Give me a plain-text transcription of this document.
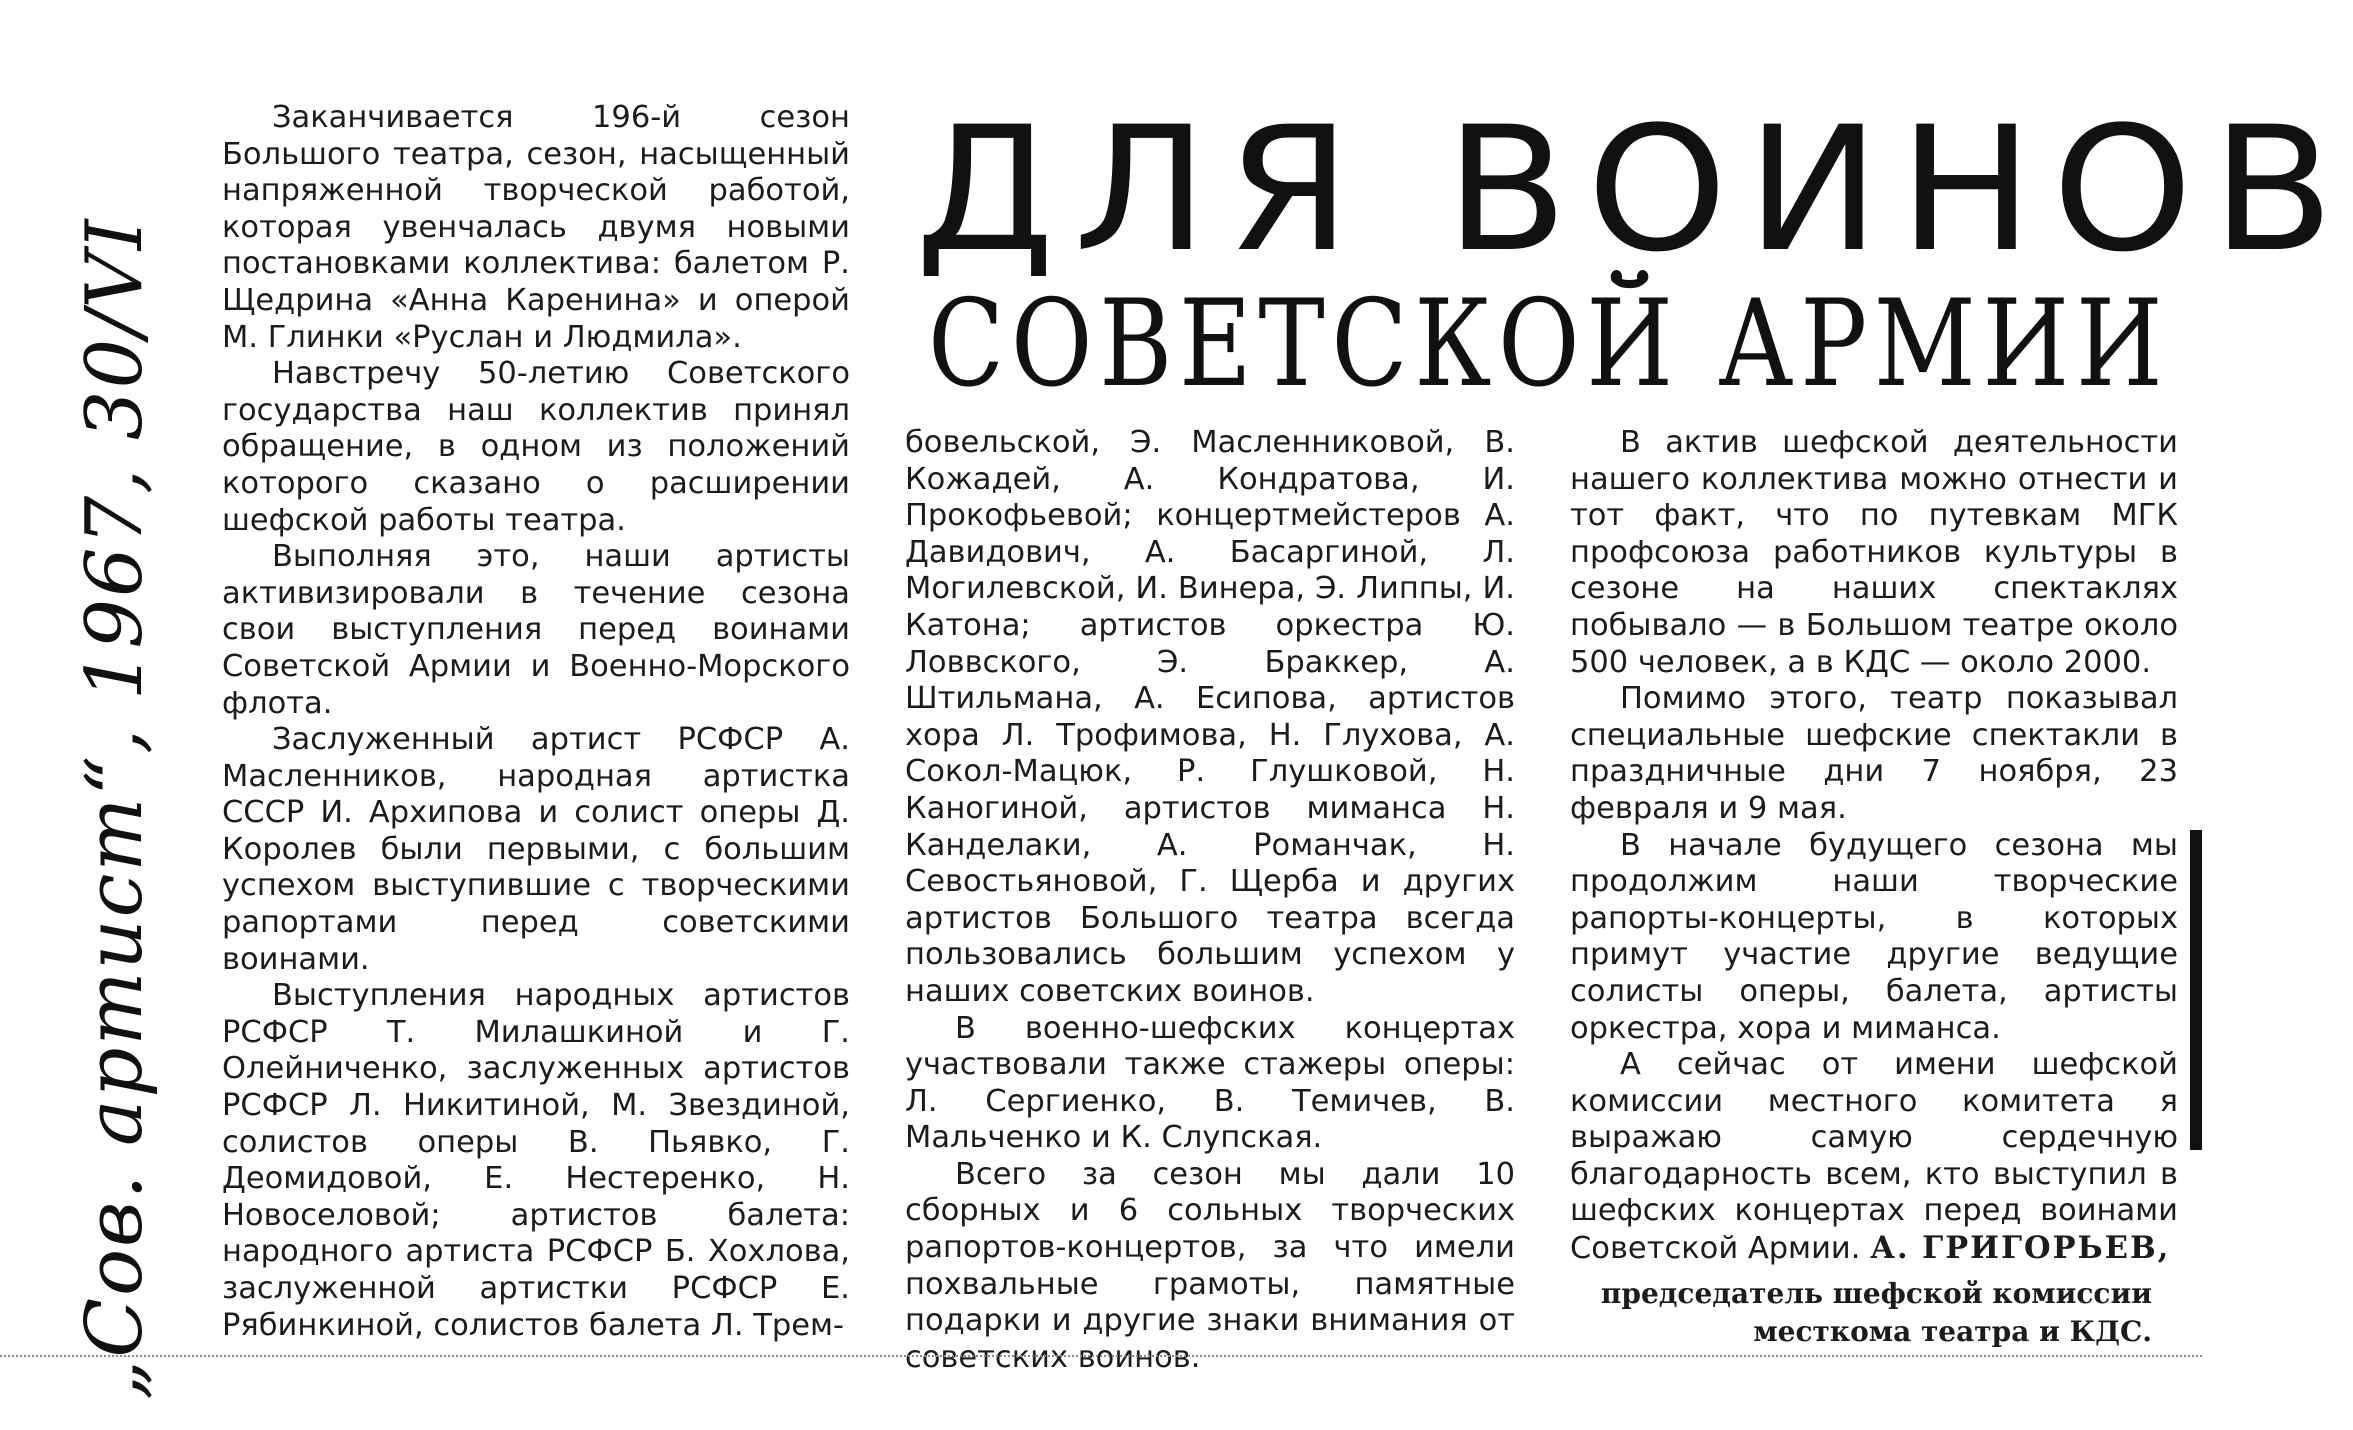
„Сов. артист“, 1967, 30/VI
ДЛЯ ВОИНОВ
СОВЕТСКОЙ АРМИИ

Заканчивается 196-й сезон Большого театра, сезон, насыщенный напряженной творческой работой, которая увенчалась двумя новыми постановками коллектива: балетом Р. Щедрина «Анна Каренина» и оперой М. Глинки «Руслан и Людмила».

Навстречу 50-летию Советского государства наш коллектив принял обращение, в одном из положений которого сказано о расширении шефской работы театра.

Выполняя это, наши артисты активизировали в течение сезона свои выступления перед воинами Советской Армии и Военно-Морского флота.

Заслуженный артист РСФСР А. Масленников, народная артистка СССР И. Архипова и солист оперы Д. Королев были первыми, с большим успехом выступившие с творческими рапортами перед советскими воинами.

Выступления народных артистов РСФСР Т. Милашкиной и Г. Олейниченко, заслуженных артистов РСФСР Л. Никитиной, М. Звездиной, солистов оперы В. Пьявко, Г. Деомидовой, Е. Нестеренко, Н. Новоселовой; артистов балета: народного артиста РСФСР Б. Хохлова, заслуженной артистки РСФСР Е. Рябинкиной, солистов балета Л. Трем-

бовельской, Э. Масленниковой, В. Кожадей, А. Кондратова, И. Прокофьевой; концертмейстеров А. Давидович, А. Басаргиной, Л. Могилевской, И. Винера, Э. Липпы, И. Катона; артистов оркестра Ю. Ловвского, Э. Браккер, А. Штильмана, А. Есипова, артистов хора Л. Трофимова, Н. Глухова, А. Сокол-Мацюк, Р. Глушковой, Н. Каногиной, артистов миманса Н. Канделаки, А. Романчак, Н. Севостьяновой, Г. Щерба и других артистов Большого театра всегда пользовались большим успехом у наших советских воинов.

В военно-шефских концертах участвовали также стажеры оперы: Л. Сергиенко, В. Темичев, В. Мальченко и К. Слупская.

Всего за сезон мы дали 10 сборных и 6 сольных творческих рапортов-концертов, за что имели похвальные грамоты, памятные подарки и другие знаки внимания от советских воинов.

В актив шефской деятельности нашего коллектива можно отнести и тот факт, что по путевкам МГК профсоюза работников культуры в сезоне на наших спектаклях побывало — в Большом театре около 500 человек, а в КДС — около 2000.

Помимо этого, театр показывал специальные шефские спектакли в праздничные дни 7 ноября, 23 февраля и 9 мая.

В начале будущего сезона мы продолжим наши творческие рапорты-концерты, в которых примут участие другие ведущие солисты оперы, балета, артисты оркестра, хора и миманса.

А сейчас от имени шефской комиссии местного комитета я выражаю самую сердечную благодарность всем, кто выступил в шефских концертах перед воинами Советской Армии. А. ГРИГОРЬЕВ,

председатель шефской комиссии
месткома театра и КДС.
